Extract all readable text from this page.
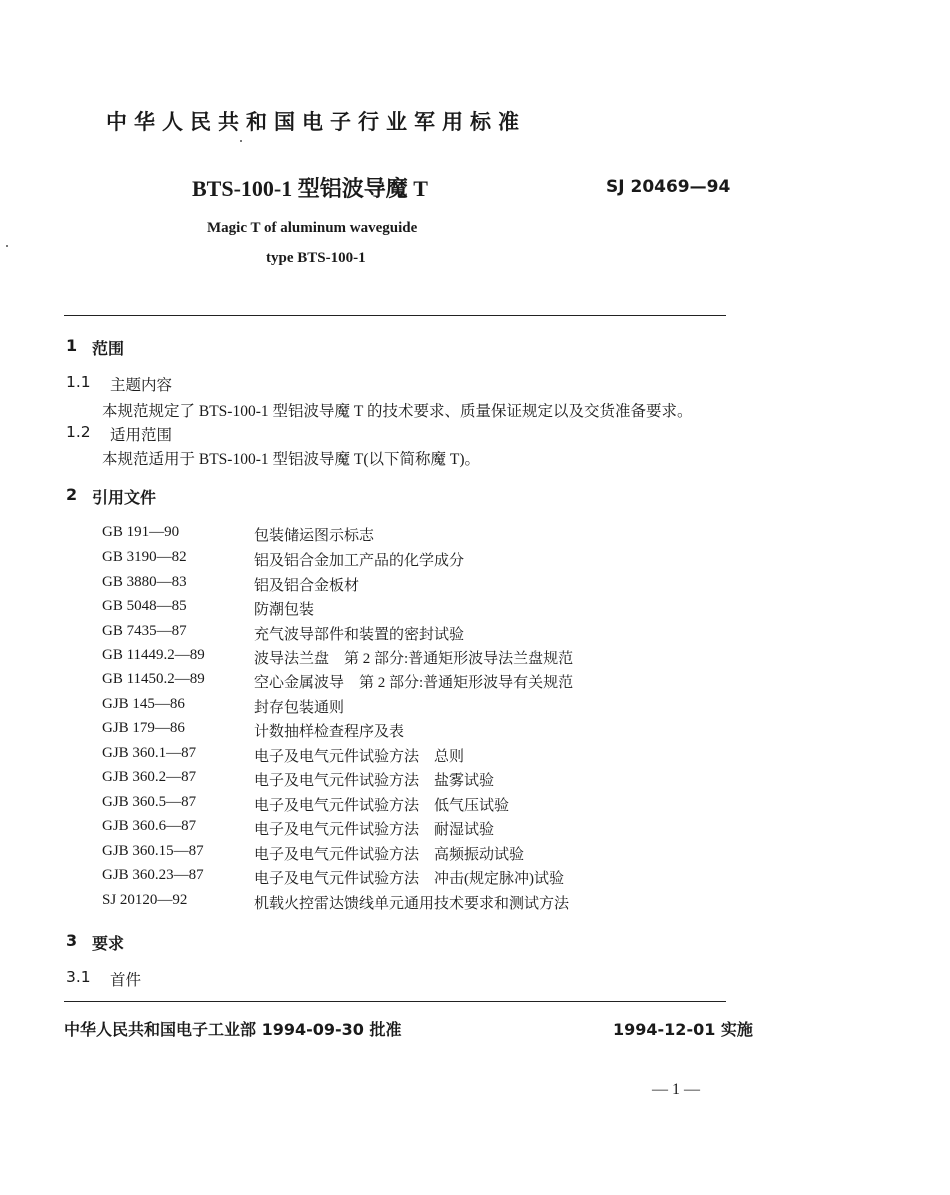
中华人民共和国电子行业军用标准
BTS-100-1 型铝波导魔 T	SJ 20469—94
Magic T of aluminum waveguide
type BTS-100-1
1 范围
1.1 主题内容
本规范规定了 BTS-100-1 型铝波导魔 T 的技术要求、质量保证规定以及交货准备要求。
1.2 适用范围
本规范适用于 BTS-100-1 型铝波导魔 T(以下简称魔 T)。
2 引用文件
GB 191—90	包装储运图示标志
GB 3190—82	铝及铝合金加工产品的化学成分
GB 3880—83	铝及铝合金板材
GB 5048—85	防潮包装
GB 7435—87	充气波导部件和装置的密封试验
GB 11449.2—89	波导法兰盘　第 2 部分:普通矩形波导法兰盘规范
GB 11450.2—89	空心金属波导　第 2 部分:普通矩形波导有关规范
GJB 145—86	封存包装通则
GJB 179—86	计数抽样检查程序及表
GJB 360.1—87	电子及电气元件试验方法　总则
GJB 360.2—87	电子及电气元件试验方法　盐雾试验
GJB 360.5—87	电子及电气元件试验方法　低气压试验
GJB 360.6—87	电子及电气元件试验方法　耐湿试验
GJB 360.15—87	电子及电气元件试验方法　高频振动试验
GJB 360.23—87	电子及电气元件试验方法　冲击(规定脉冲)试验
SJ 20120—92	机载火控雷达馈线单元通用技术要求和测试方法
3 要求
3.1 首件
中华人民共和国电子工业部 1994-09-30 批准	1994-12-01 实施
— 1 —
